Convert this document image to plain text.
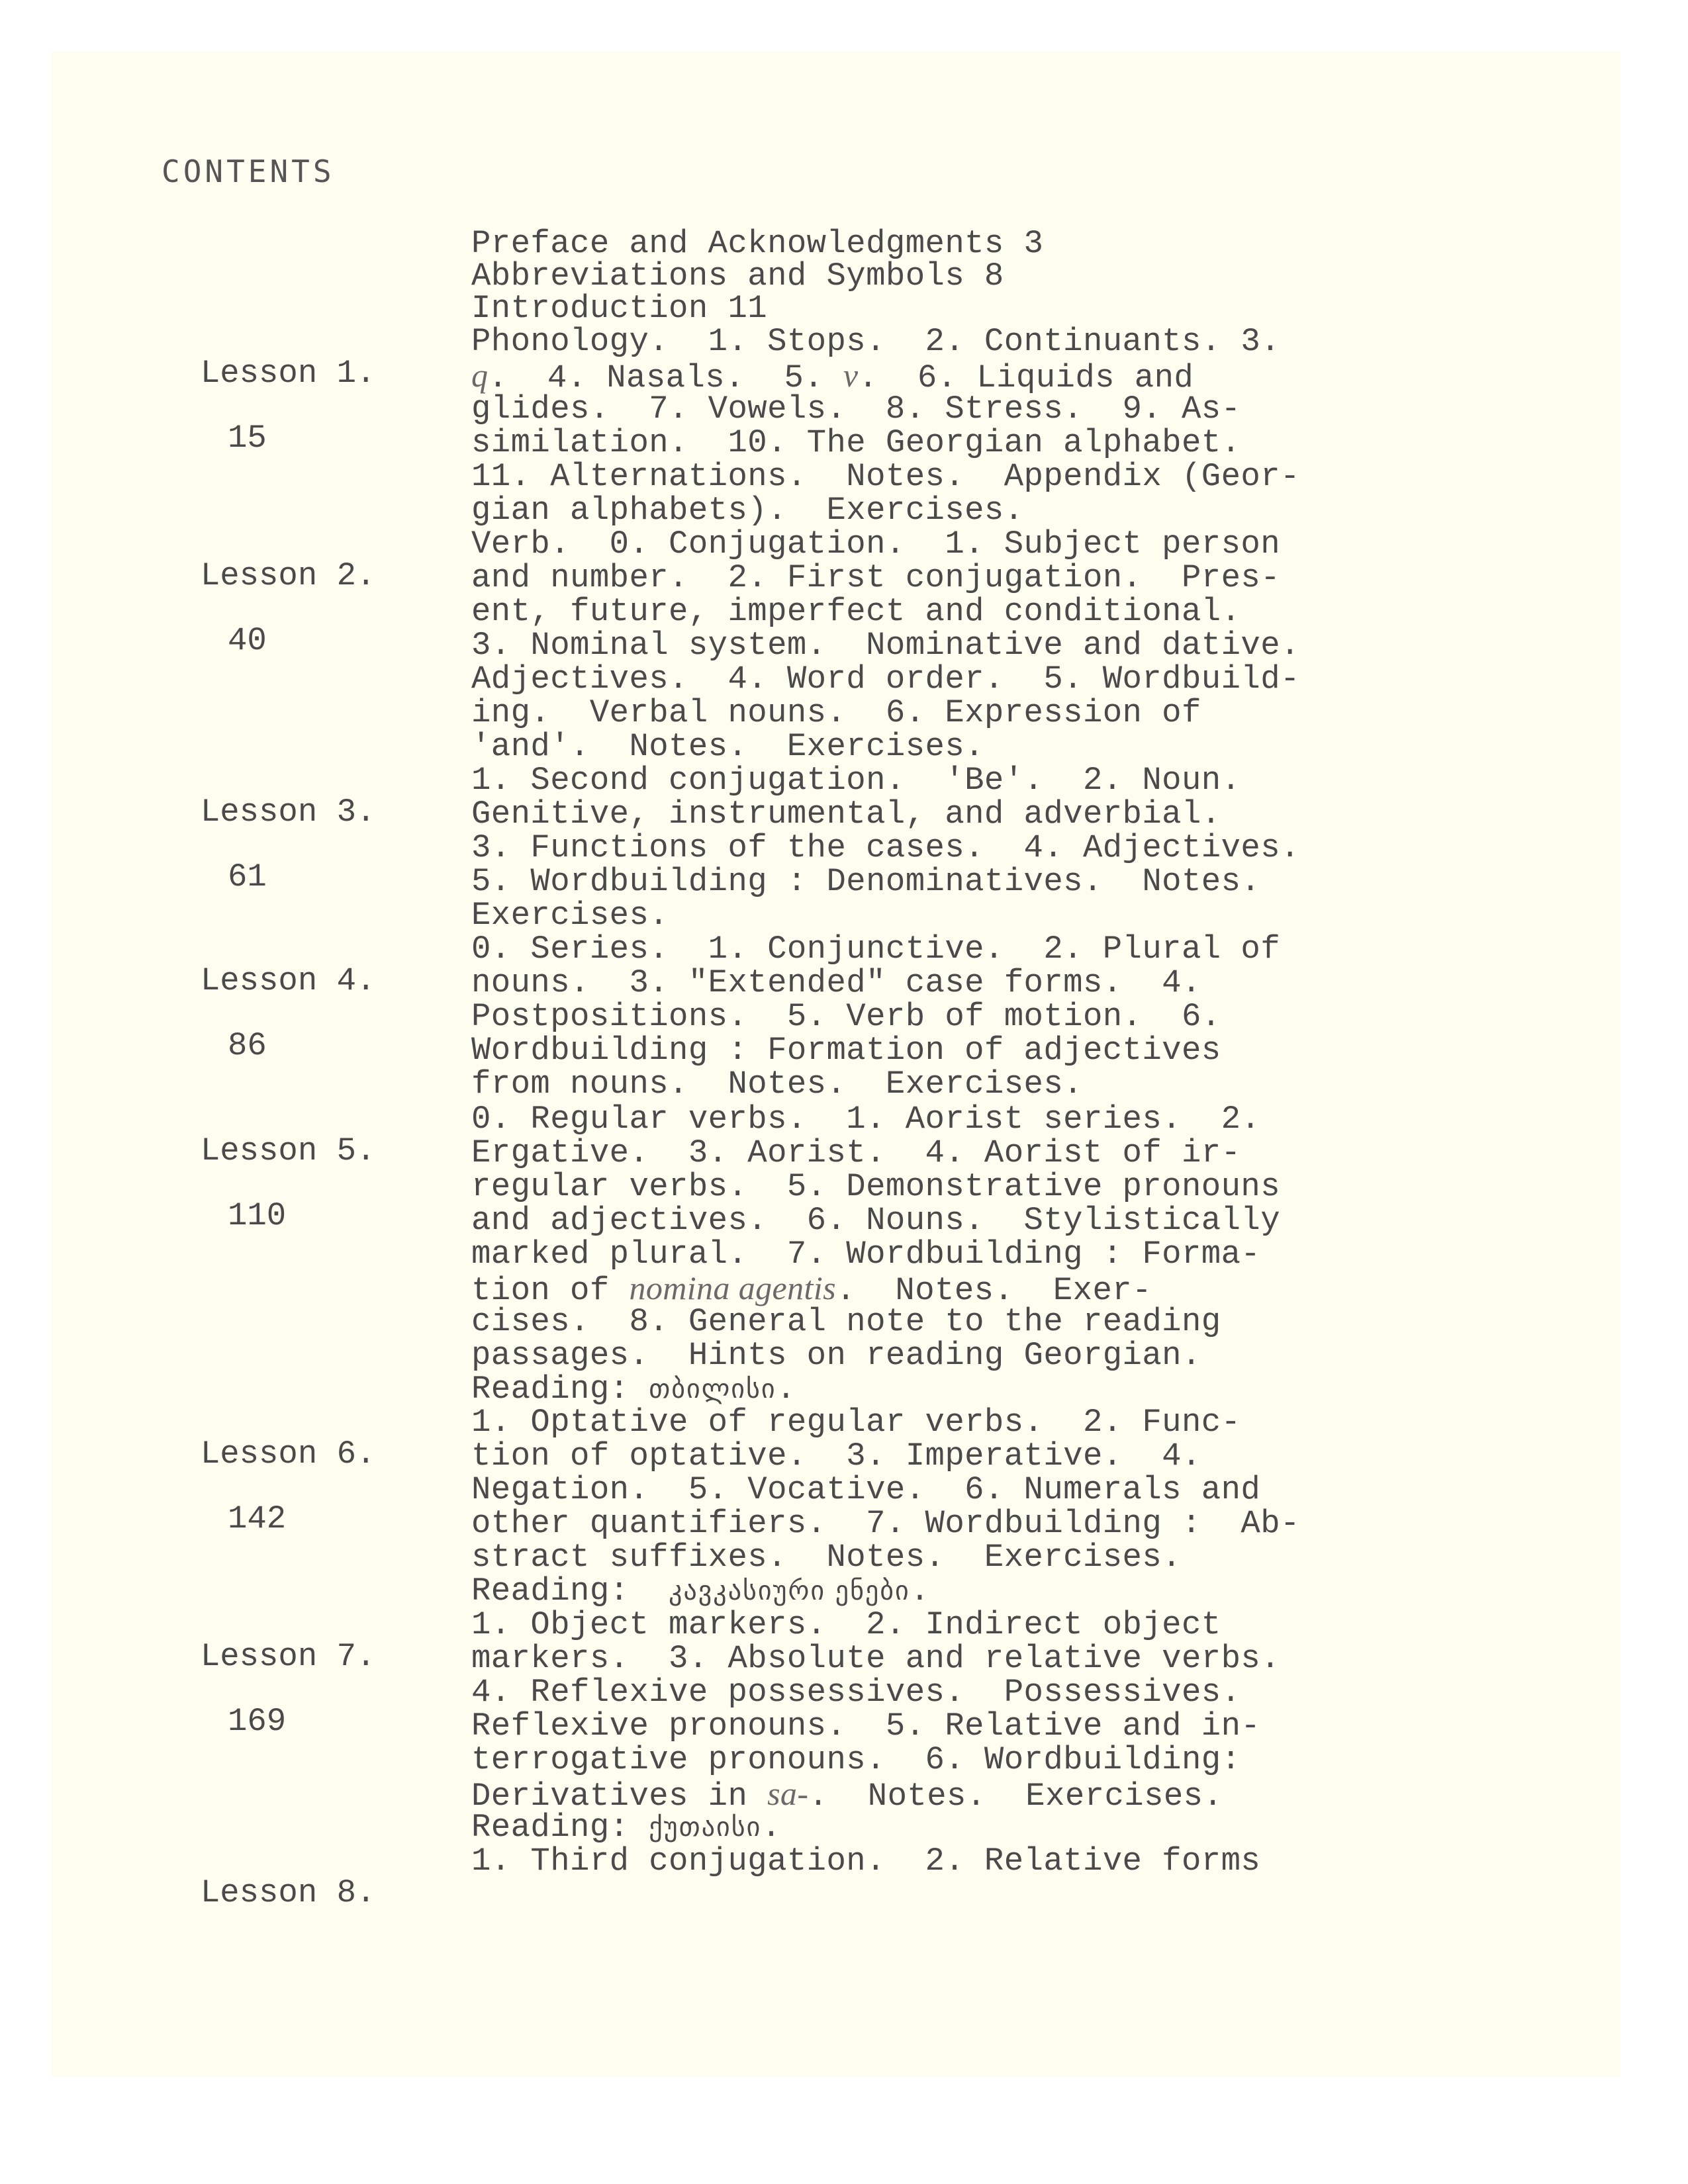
CONTENTS
Preface and Acknowledgments 3
Abbreviations and Symbols 8
Introduction 11

Lesson 1.

15

Phonology.  1. Stops.  2. Continuants. 3.
q.  4. Nasals.  5. v.  6. Liquids and
glides.  7. Vowels.  8. Stress.  9. As-
similation.  10. The Georgian alphabet.
11. Alternations.  Notes.  Appendix (Geor-
gian alphabets).  Exercises.

Lesson 2.

40

Verb.  0. Conjugation.  1. Subject person
and number.  2. First conjugation.  Pres-
ent, future, imperfect and conditional.
3. Nominal system.  Nominative and dative.
Adjectives.  4. Word order.  5. Wordbuild-
ing.  Verbal nouns.  6. Expression of
'and'.  Notes.  Exercises.

Lesson 3.

61

1. Second conjugation.  'Be'.  2. Noun.
Genitive, instrumental, and adverbial.
3. Functions of the cases.  4. Adjectives.
5. Wordbuilding : Denominatives.  Notes.
Exercises.

Lesson 4.

86

0. Series.  1. Conjunctive.  2. Plural of
nouns.  3. "Extended" case forms.  4.
Postpositions.  5. Verb of motion.  6.
Wordbuilding : Formation of adjectives
from nouns.  Notes.  Exercises.

Lesson 5.

110

0. Regular verbs.  1. Aorist series.  2.
Ergative.  3. Aorist.  4. Aorist of ir-
regular verbs.  5. Demonstrative pronouns
and adjectives.  6. Nouns.  Stylistically
marked plural.  7. Wordbuilding : Forma-
tion of nomina agentis.  Notes.  Exer-
cises.  8. General note to the reading
passages.  Hints on reading Georgian.
Reading: თბილისი.

Lesson 6.

142

1. Optative of regular verbs.  2. Func-
tion of optative.  3. Imperative.  4.
Negation.  5. Vocative.  6. Numerals and
other quantifiers.  7. Wordbuilding :  Ab-
stract suffixes.  Notes.  Exercises.
Reading:  კავკასიური ენები.

Lesson 7.

169

1. Object markers.  2. Indirect object
markers.  3. Absolute and relative verbs.
4. Reflexive possessives.  Possessives.
Reflexive pronouns.  5. Relative and in-
terrogative pronouns.  6. Wordbuilding:
Derivatives in sa-.  Notes.  Exercises.
Reading: ქუთაისი.

Lesson 8.

1. Third conjugation.  2. Relative forms
